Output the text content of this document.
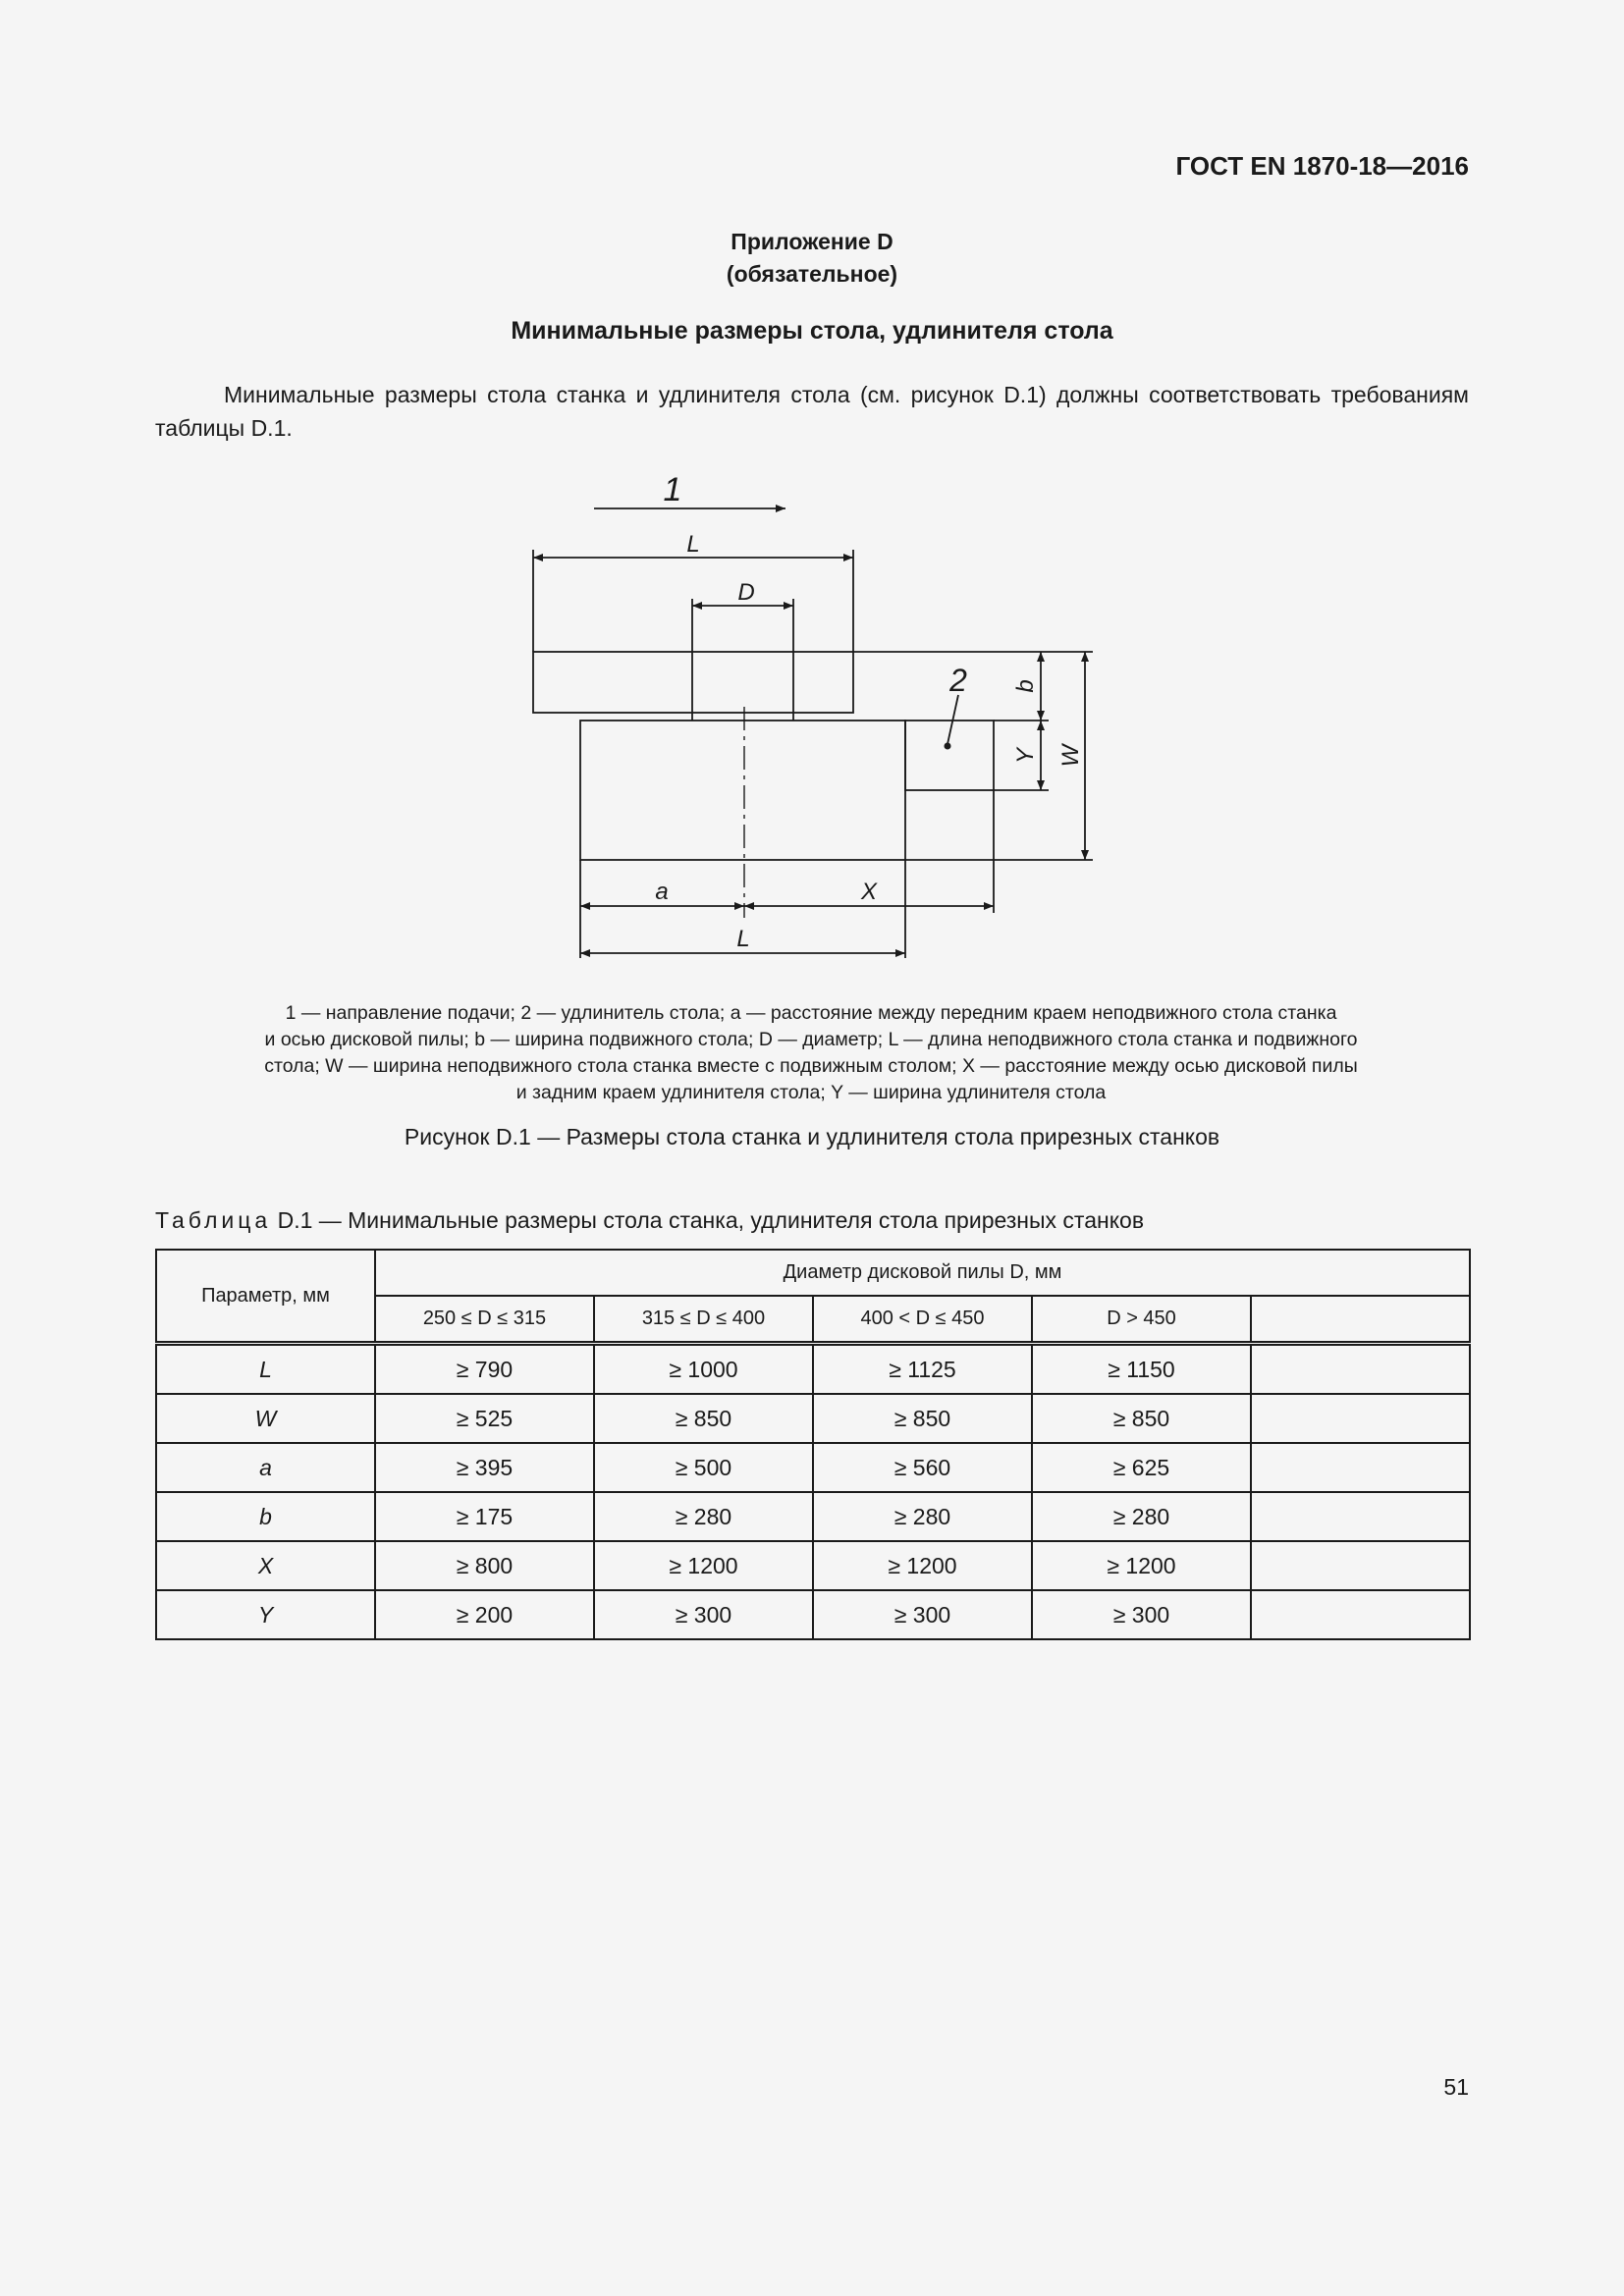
ГОСТ EN 1870-18—2016
Приложение D
(обязательное)
Минимальные размеры стола, удлинителя стола
Минимальные размеры стола станка и удлинителя стола (см. рисунок D.1) должны соответствовать требованиям таблицы D.1.
1
L
D
2 b
Y W
a	X
L
1 — направление подачи; 2 — удлинитель стола; a — расстояние между передним краем неподвижного стола станка
и осью дисковой пилы; b — ширина подвижного стола; D — диаметр; L — длина неподвижного стола станка и подвижного
стола; W — ширина неподвижного стола станка вместе с подвижным столом; X — расстояние между осью дисковой пилы
и задним краем удлинителя стола; Y — ширина удлинителя стола
Рисунок D.1 — Размеры стола станка и удлинителя стола прирезных станков
Таблица D.1 — Минимальные размеры стола станка, удлинителя стола прирезных станков
Параметр, мм	Диаметр дисковой пилы D, мм				
	250 ≤ D ≤ 315	315 ≤ D ≤ 400	400 < D ≤ 450	D > 450	
L	≥ 790	≥ 1000	≥ 1125	≥ 1150	
W	≥ 525	≥ 850	≥ 850	≥ 850	
a	≥ 395	≥ 500	≥ 560	≥ 625	
b	≥ 175	≥ 280	≥ 280	≥ 280	
X	≥ 800	≥ 1200	≥ 1200	≥ 1200	
Y	≥ 200	≥ 300	≥ 300	≥ 300	
51
